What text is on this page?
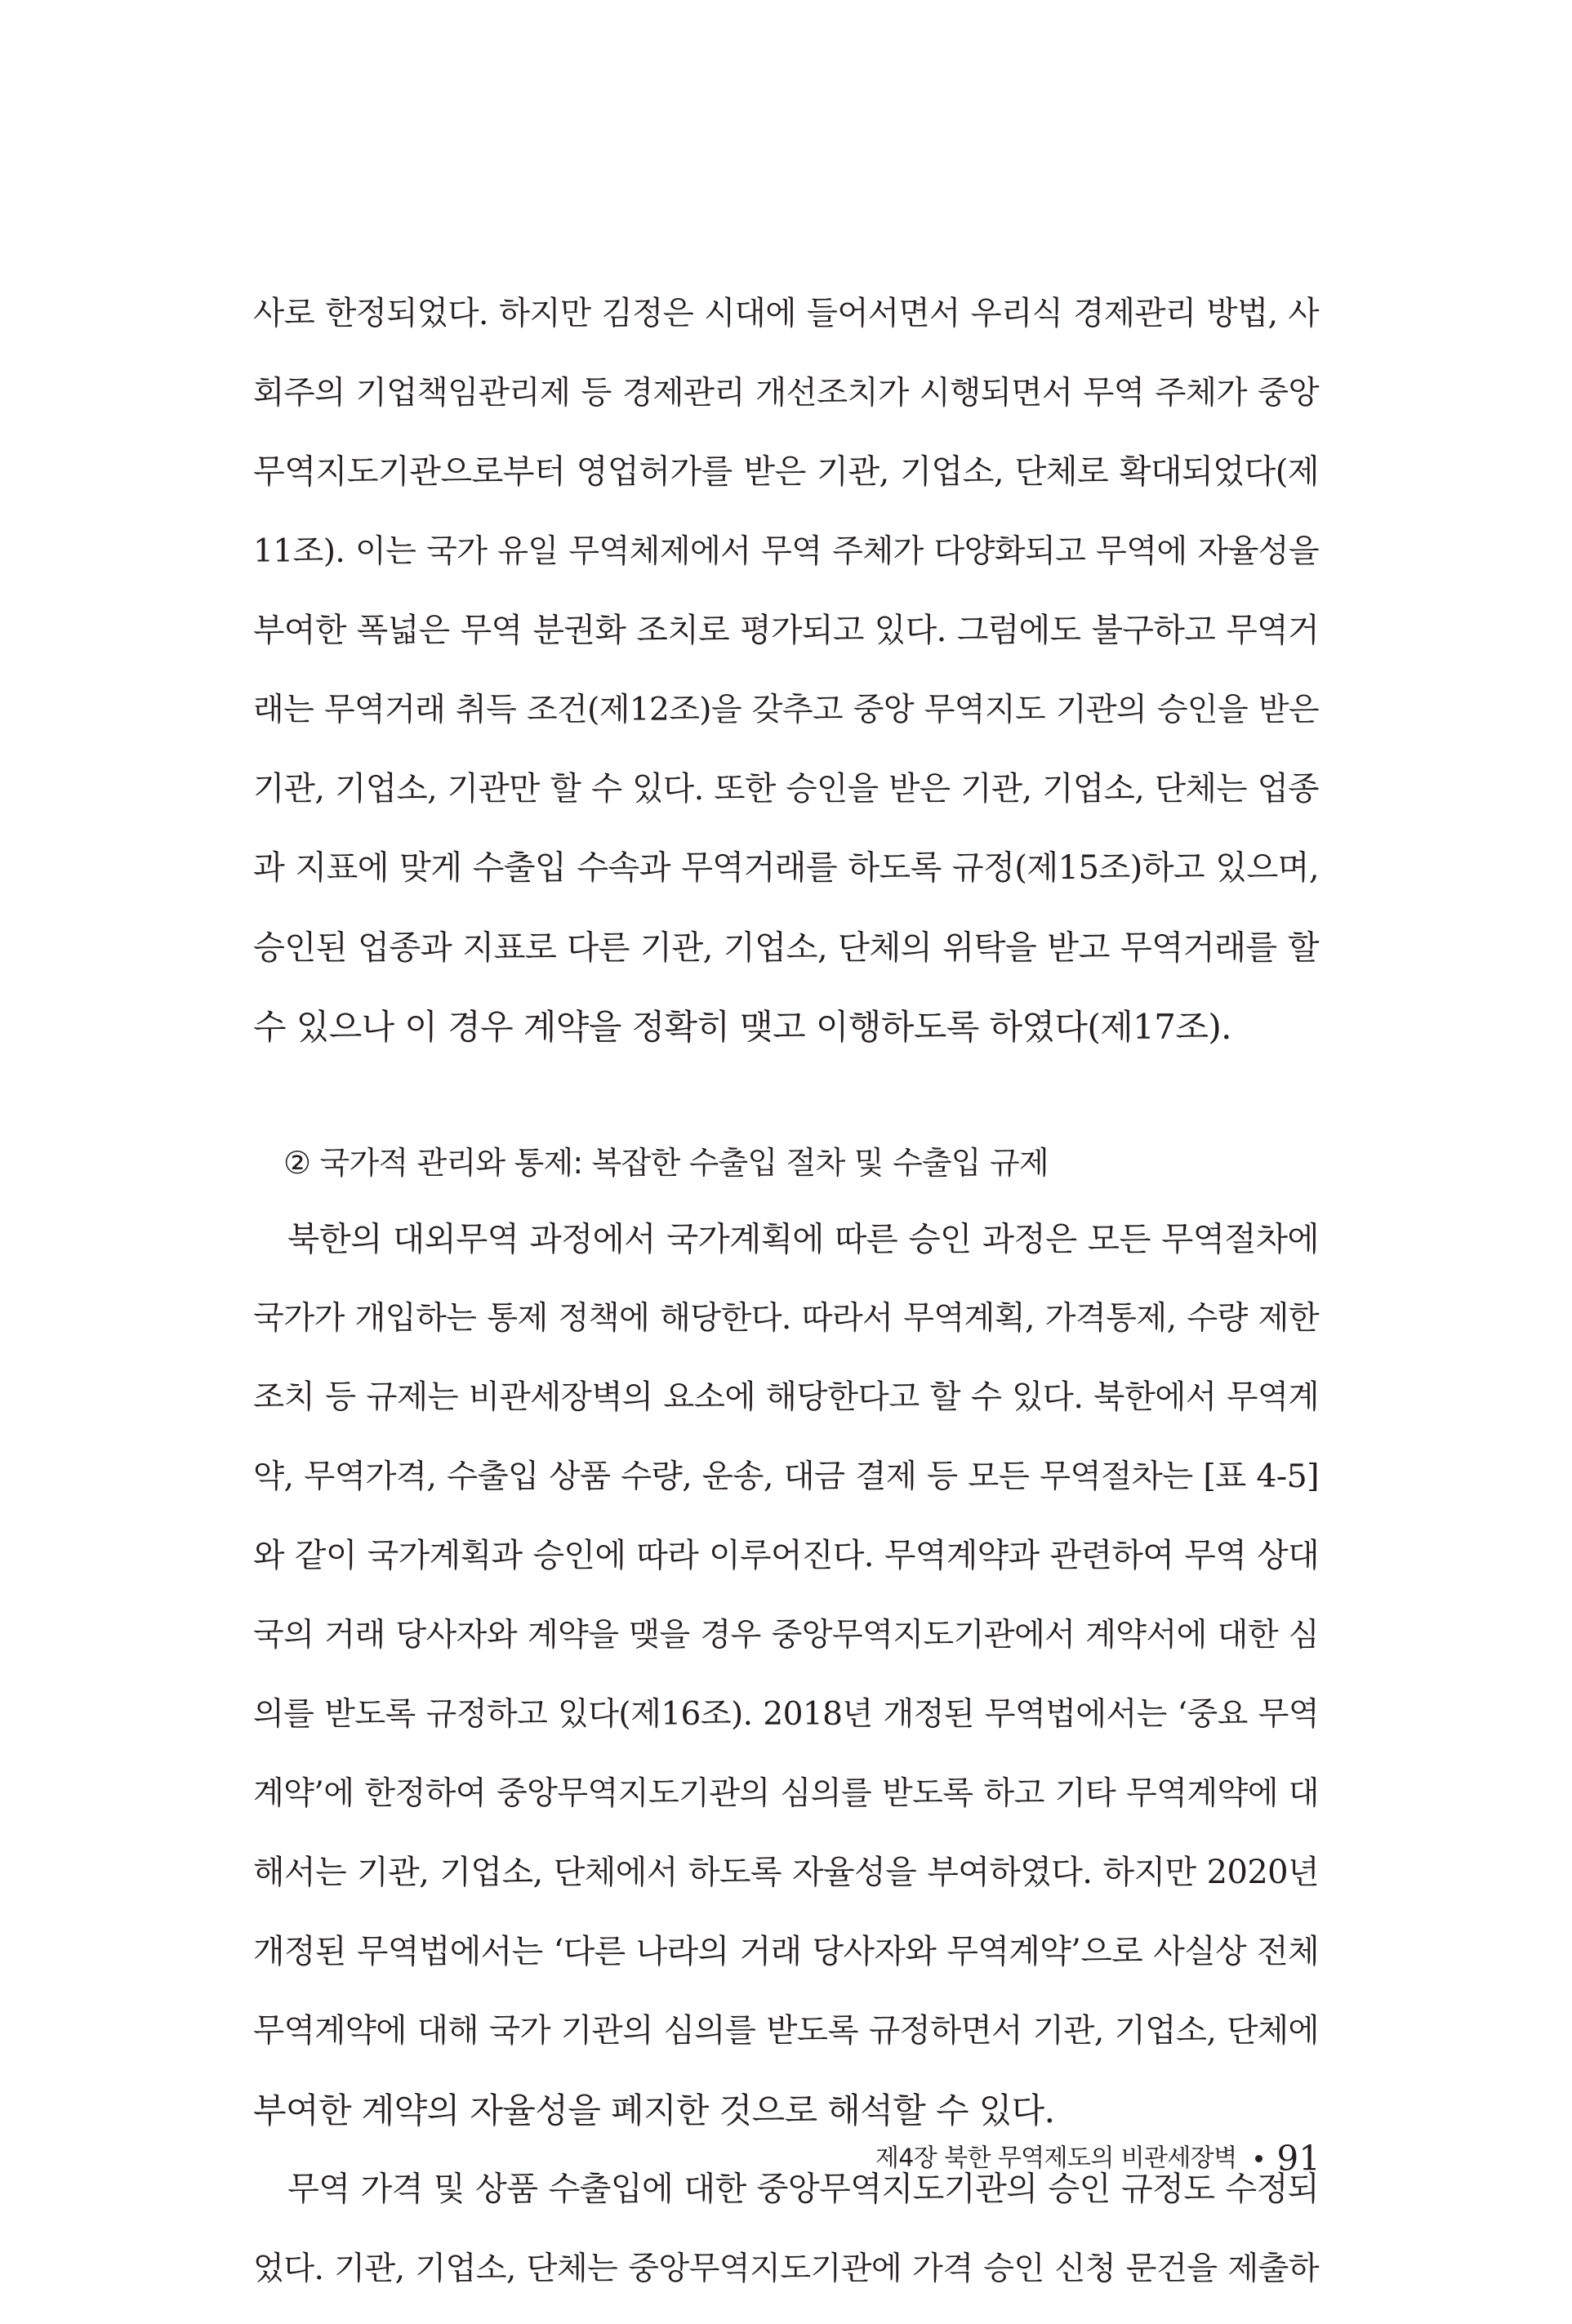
사로 한정되었다. 하지만 김정은 시대에 들어서면서 우리식 경제관리 방법, 사
회주의 기업책임관리제 등 경제관리 개선조치가 시행되면서 무역 주체가 중앙
무역지도기관으로부터 영업허가를 받은 기관, 기업소, 단체로 확대되었다(제
11조). 이는 국가 유일 무역체제에서 무역 주체가 다양화되고 무역에 자율성을
부여한 폭넓은 무역 분권화 조치로 평가되고 있다. 그럼에도 불구하고 무역거
래는 무역거래 취득 조건(제12조)을 갖추고 중앙 무역지도 기관의 승인을 받은
기관, 기업소, 기관만 할 수 있다. 또한 승인을 받은 기관, 기업소, 단체는 업종
과 지표에 맞게 수출입 수속과 무역거래를 하도록 규정(제15조)하고 있으며,
승인된 업종과 지표로 다른 기관, 기업소, 단체의 위탁을 받고 무역거래를 할
수 있으나 이 경우 계약을 정확히 맺고 이행하도록 하였다(제17조).
② 국가적 관리와 통제: 복잡한 수출입 절차 및 수출입 규제
북한의 대외무역 과정에서 국가계획에 따른 승인 과정은 모든 무역절차에
국가가 개입하는 통제 정책에 해당한다. 따라서 무역계획, 가격통제, 수량 제한
조치 등 규제는 비관세장벽의 요소에 해당한다고 할 수 있다. 북한에서 무역계
약, 무역가격, 수출입 상품 수량, 운송, 대금 결제 등 모든 무역절차는 [표 4-5]
와 같이 국가계획과 승인에 따라 이루어진다. 무역계약과 관련하여 무역 상대
국의 거래 당사자와 계약을 맺을 경우 중앙무역지도기관에서 계약서에 대한 심
의를 받도록 규정하고 있다(제16조). 2018년 개정된 무역법에서는 ‘중요 무역
계약’에 한정하여 중앙무역지도기관의 심의를 받도록 하고 기타 무역계약에 대
해서는 기관, 기업소, 단체에서 하도록 자율성을 부여하였다. 하지만 2020년
개정된 무역법에서는 ‘다른 나라의 거래 당사자와 무역계약’으로 사실상 전체
무역계약에 대해 국가 기관의 심의를 받도록 규정하면서 기관, 기업소, 단체에
부여한 계약의 자율성을 폐지한 것으로 해석할 수 있다.
무역 가격 및 상품 수출입에 대한 중앙무역지도기관의 승인 규정도 수정되
었다. 기관, 기업소, 단체는 중앙무역지도기관에 가격 승인 신청 문건을 제출하
제4장 북한 무역제도의 비관세장벽 91
